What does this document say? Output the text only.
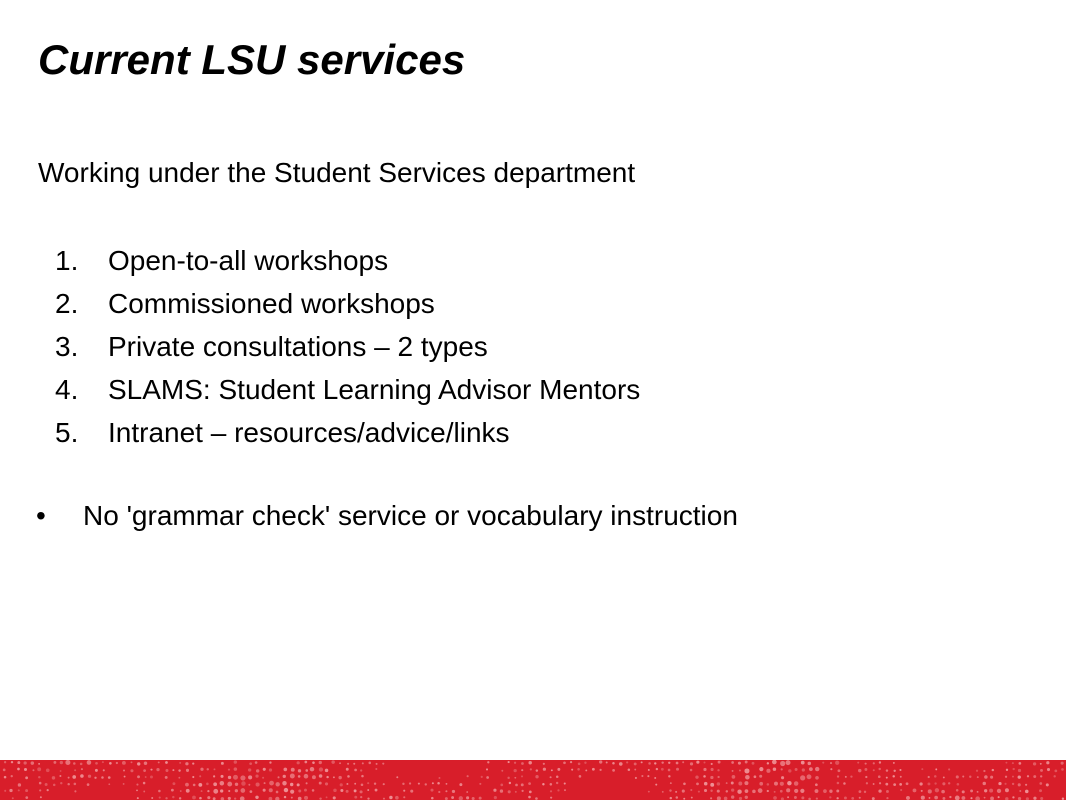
Current LSU services

Working under the Student Services department

1. Open-to-all workshops
2. Commissioned workshops
3. Private consultations – 2 types
4. SLAMS: Student Learning Advisor Mentors
5. Intranet – resources/advice/links
• No 'grammar check' service or vocabulary instruction
